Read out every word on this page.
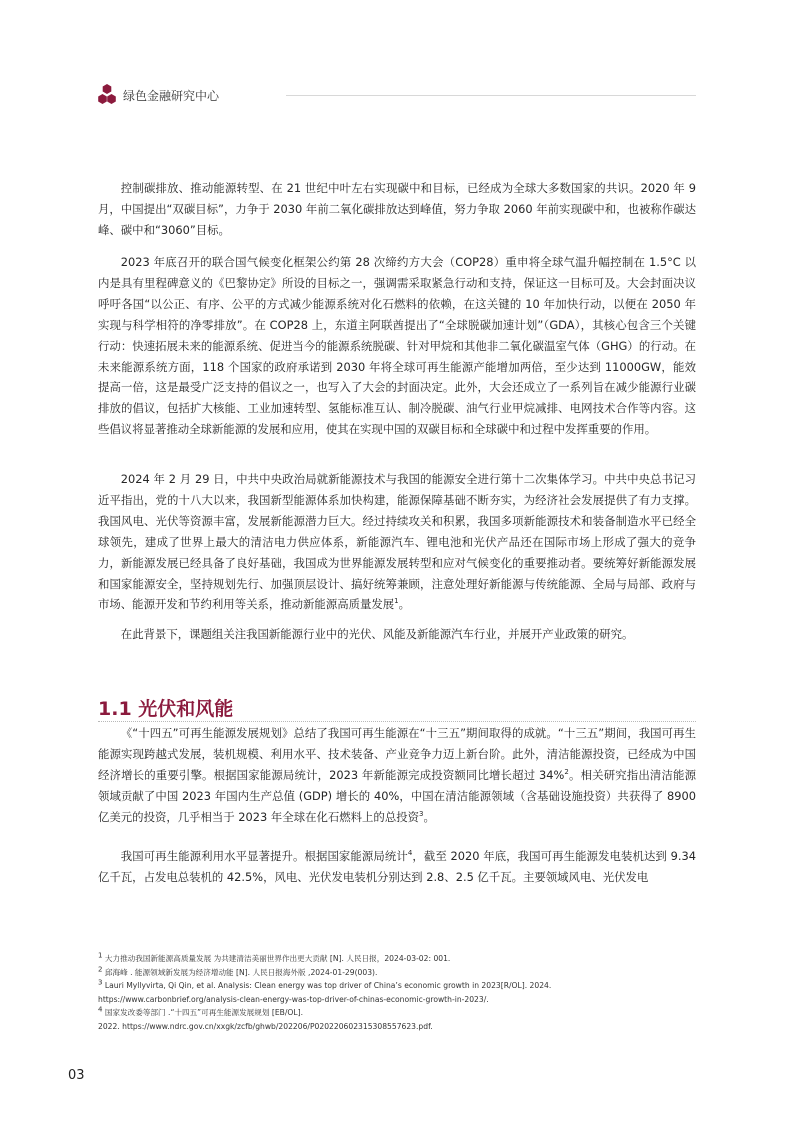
绿色金融研究中心

控制碳排放、推动能源转型、在 21 世纪中叶左右实现碳中和目标，已经成为全球大多数国家的共识。2020 年 9 月，中国提出“双碳目标”，力争于 2030 年前二氧化碳排放达到峰值，努力争取 2060 年前实现碳中和，也被称作碳达峰、碳中和“3060”目标。

2023 年底召开的联合国气候变化框架公约第 28 次缔约方大会（COP28）重申将全球气温升幅控制在 1.5°C 以内是具有里程碑意义的《巴黎协定》所设的目标之一，强调需采取紧急行动和支持，保证这一目标可及。大会封面决议呼吁各国“以公正、有序、公平的方式减少能源系统对化石燃料的依赖，在这关键的 10 年加快行动，以便在 2050 年实现与科学相符的净零排放”。在 COP28 上，东道主阿联酋提出了“全球脱碳加速计划”（GDA），其核心包含三个关键行动：快速拓展未来的能源系统、促进当今的能源系统脱碳、针对甲烷和其他非二氧化碳温室气体（GHG）的行动。在未来能源系统方面，118 个国家的政府承诺到 2030 年将全球可再生能源产能增加两倍，至少达到 11000GW，能效提高一倍，这是最受广泛支持的倡议之一，也写入了大会的封面决定。此外，大会还成立了一系列旨在减少能源行业碳排放的倡议，包括扩大核能、工业加速转型、氢能标准互认、制冷脱碳、油气行业甲烷减排、电网技术合作等内容。这些倡议将显著推动全球新能源的发展和应用，使其在实现中国的双碳目标和全球碳中和过程中发挥重要的作用。

2024 年 2 月 29 日，中共中央政治局就新能源技术与我国的能源安全进行第十二次集体学习。中共中央总书记习近平指出，党的十八大以来，我国新型能源体系加快构建，能源保障基础不断夯实，为经济社会发展提供了有力支撑。我国风电、光伏等资源丰富，发展新能源潜力巨大。经过持续攻关和积累，我国多项新能源技术和装备制造水平已经全球领先，建成了世界上最大的清洁电力供应体系，新能源汽车、锂电池和光伏产品还在国际市场上形成了强大的竞争力，新能源发展已经具备了良好基础，我国成为世界能源发展转型和应对气候变化的重要推动者。要统筹好新能源发展和国家能源安全，坚持规划先行、加强顶层设计、搞好统筹兼顾，注意处理好新能源与传统能源、全局与局部、政府与市场、能源开发和节约利用等关系，推动新能源高质量发展$^1$。

在此背景下，课题组关注我国新能源行业中的光伏、风能及新能源汽车行业，并展开产业政策的研究。

1.1 光伏和风能

《“十四五”可再生能源发展规划》总结了我国可再生能源在“十三五”期间取得的成就。“十三五”期间，我国可再生能源实现跨越式发展，装机规模、利用水平、技术装备、产业竞争力迈上新台阶。此外，清洁能源投资，已经成为中国经济增长的重要引擎。根据国家能源局统计，2023 年新能源完成投资额同比增长超过 34%$^2$。相关研究指出清洁能源领域贡献了中国 2023 年国内生产总值 (GDP) 增长的 40%，中国在清洁能源领域（含基础设施投资）共获得了 8900 亿美元的投资，几乎相当于 2023 年全球在化石燃料上的总投资$^3$。

我国可再生能源利用水平显著提升。根据国家能源局统计$^4$，截至 2020 年底，我国可再生能源发电装机达到 9.34 亿千瓦，占发电总装机的 42.5%，风电、光伏发电装机分别达到 2.8、2.5 亿千瓦。主要领域风电、光伏发电

$^1$ 大力推动我国新能源高质量发展 为共建清洁美丽世界作出更大贡献 [N]. 人民日报，2024-03-02: 001.
$^2$ 邱海峰 . 能源领域新发展为经济增动能 [N]. 人民日报海外版 ,2024-01-29(003).
$^3$ Lauri Myllyvirta, Qi Qin, et al. Analysis: Clean energy was top driver of China’s economic growth in 2023[R/OL]. 2024.
https://www.carbonbrief.org/analysis-clean-energy-was-top-driver-of-chinas-economic-growth-in-2023/.
$^4$ 国家发改委等部门 .“十四五”可再生能源发展规划 [EB/OL].
2022. https://www.ndrc.gov.cn/xxgk/zcfb/ghwb/202206/P020220602315308557623.pdf.
03
